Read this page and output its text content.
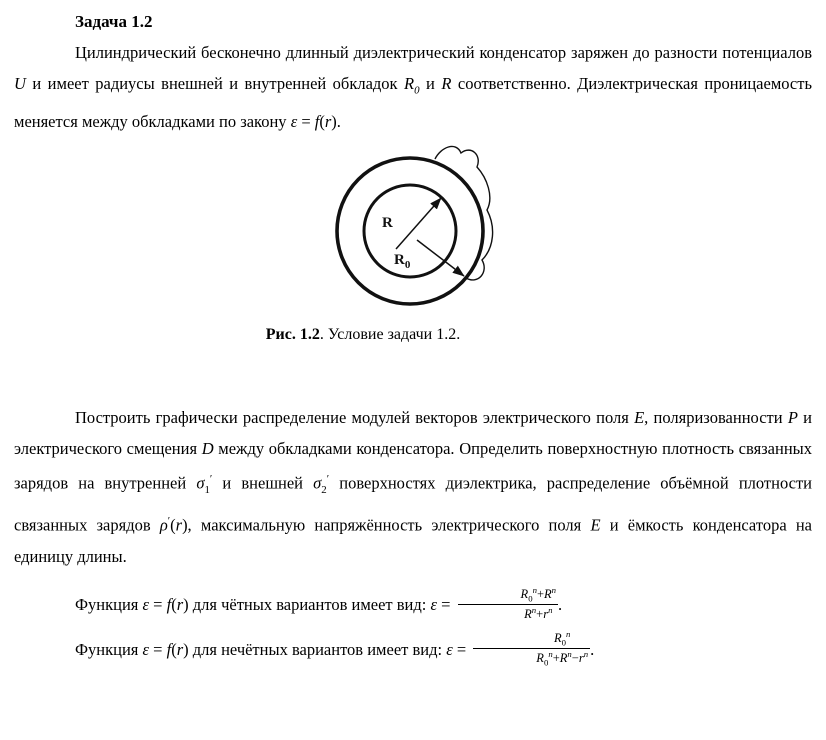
Задача 1.2

Цилиндрический бесконечно длинный диэлектрический конденсатор заряжен до разности потенциалов U и имеет радиусы внешней и внутренней обкладок $R_0$ и R соответственно. Диэлектрическая проницаемость меняется между обкладками по закону ε = f(r).

R
$R_0$

Рис. 1.2. Условие задачи 1.2.

Построить графически распределение модулей векторов электрического поля E, поляризованности P и электрического смещения D между обкладками конденсатора. Определить поверхностную плотность связанных зарядов на внутренней $\sigma_1'$ и внешней $\sigma_2'$ поверхностях диэлектрика, распределение объёмной плотности связанных зарядов ρ′(r), максимальную напряжённость электрического поля E и ёмкость конденсатора на единицу длины.

Функция ε = f(r) для чётных вариантов имеет вид: $\varepsilon = \frac{R_0^n+R^n}{R^n+r^n}$ .

Функция ε = f(r) для нечётных вариантов имеет вид: $\varepsilon = \frac{R_0^n}{R_0^n+R^n-r^n}$ .
